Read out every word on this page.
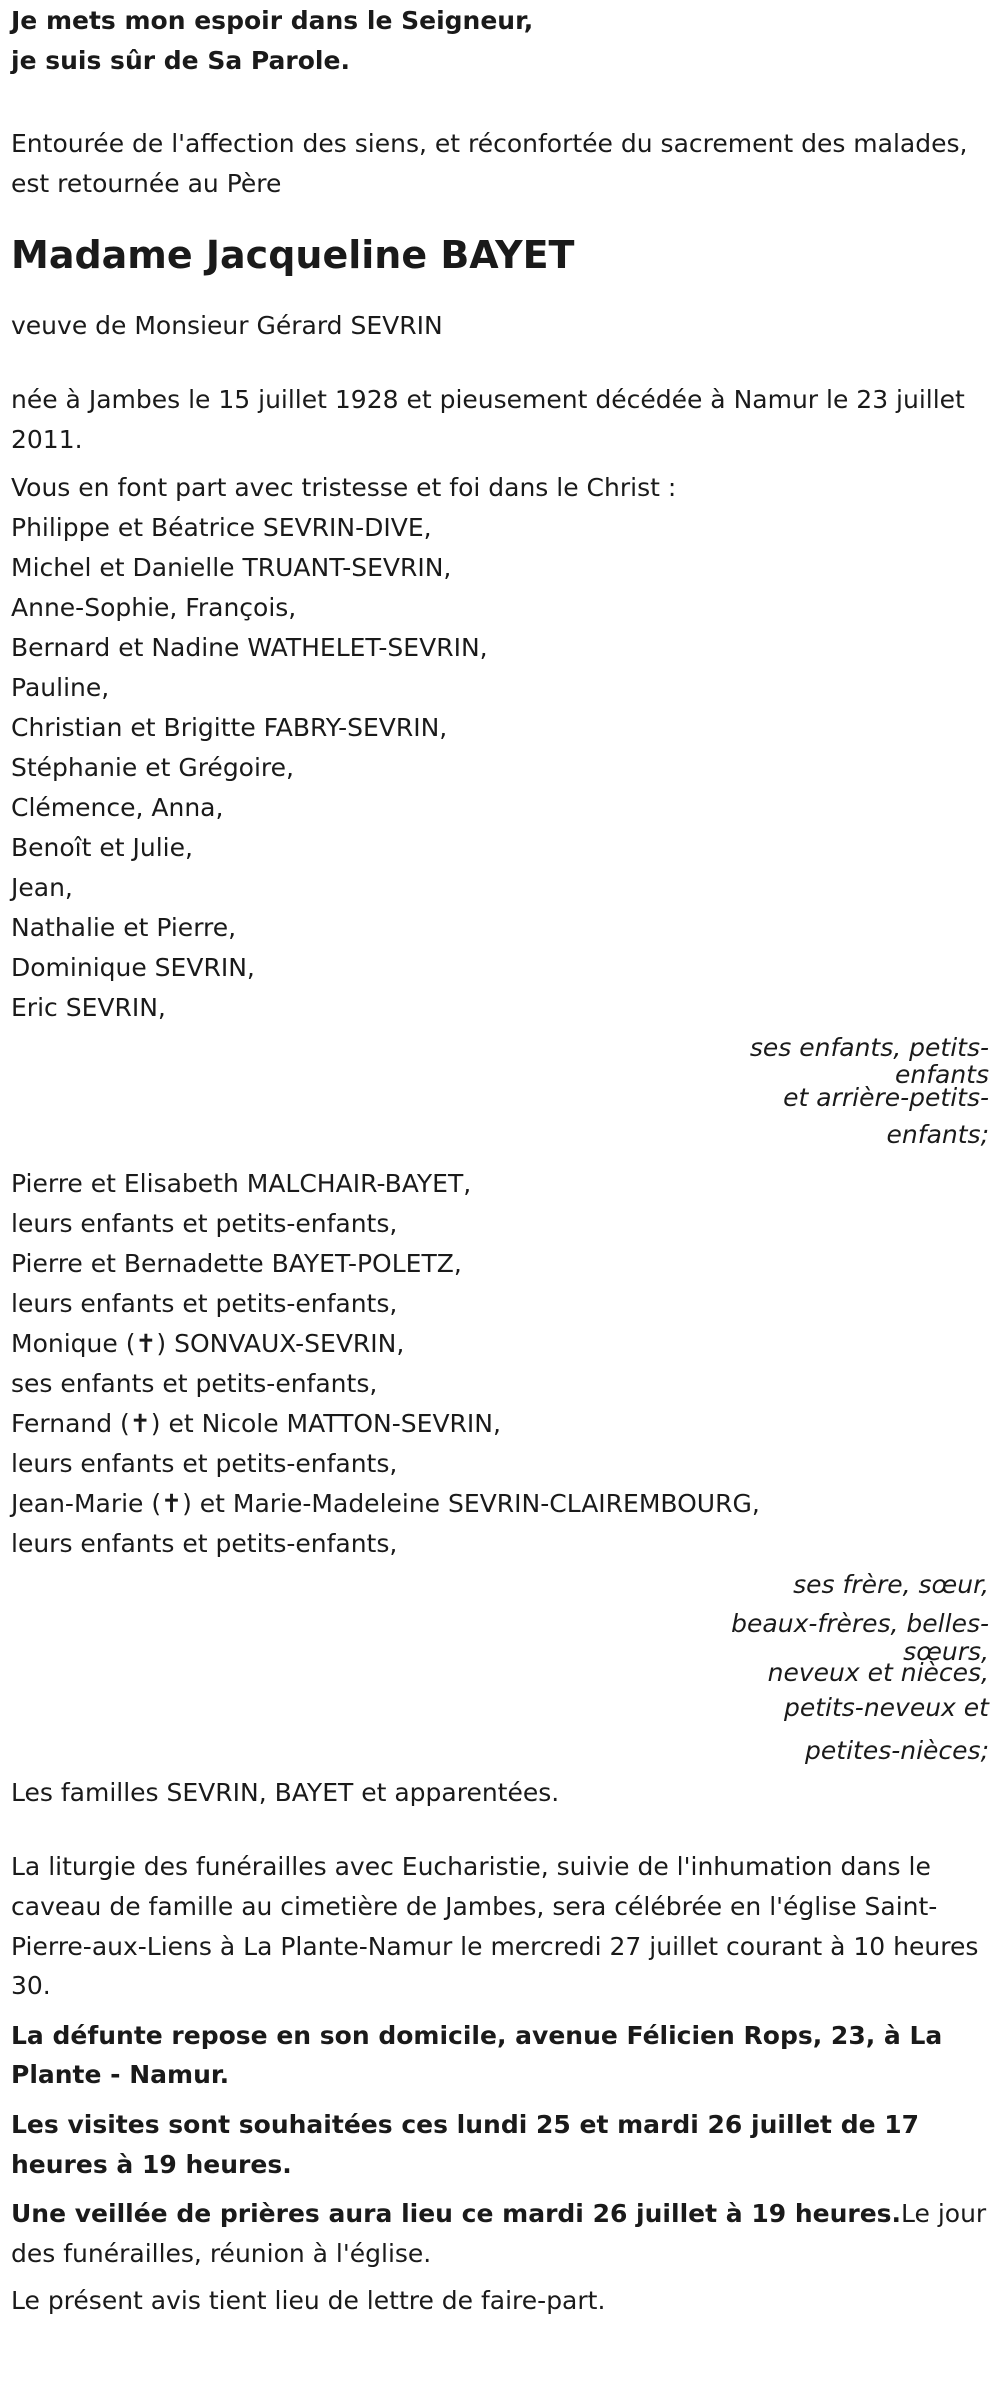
Je mets mon espoir dans le Seigneur,

je suis sûr de Sa Parole.

Entourée de l'affection des siens, et réconfortée du sacrement des malades, est retournée au Père

Madame Jacqueline BAYET

veuve de Monsieur Gérard SEVRIN

née à Jambes le 15 juillet 1928 et pieusement décédée à Namur le 23 juillet 2011.

Vous en font part avec tristesse et foi dans le Christ :

Philippe et Béatrice SEVRIN-DIVE,

Michel et Danielle TRUANT-SEVRIN,

Anne-Sophie, François,

Bernard et Nadine WATHELET-SEVRIN,

Pauline,

Christian et Brigitte FABRY-SEVRIN,

Stéphanie et Grégoire,

Clémence, Anna,

Benoît et Julie,

Jean,

Nathalie et Pierre,

Dominique SEVRIN,

Eric SEVRIN,

ses enfants, petits-

enfants

et arrière-petits-

enfants;

Pierre et Elisabeth MALCHAIR-BAYET,

leurs enfants et petits-enfants,

Pierre et Bernadette BAYET-POLETZ,

leurs enfants et petits-enfants,

Monique (✝) SONVAUX-SEVRIN,

ses enfants et petits-enfants,

Fernand (✝) et Nicole MATTON-SEVRIN,

leurs enfants et petits-enfants,

Jean-Marie (✝) et Marie-Madeleine SEVRIN-CLAIREMBOURG,

leurs enfants et petits-enfants,

ses frère, sœur,

beaux-frères, belles-

sœurs,

neveux et nièces,

petits-neveux et

petites-nièces;

Les familles SEVRIN, BAYET et apparentées.

La liturgie des funérailles avec Eucharistie, suivie de l'inhumation dans le caveau de famille au cimetière de Jambes, sera célébrée en l'église Saint-Pierre-aux-Liens à La Plante-Namur le mercredi 27 juillet courant à 10 heures 30.

La défunte repose en son domicile, avenue Félicien Rops, 23, à La Plante - Namur.

Les visites sont souhaitées ces lundi 25 et mardi 26 juillet de 17 heures à 19 heures.

Une veillée de prières aura lieu ce mardi 26 juillet à 19 heures.Le jour des funérailles, réunion à l'église.

Le présent avis tient lieu de lettre de faire-part.
